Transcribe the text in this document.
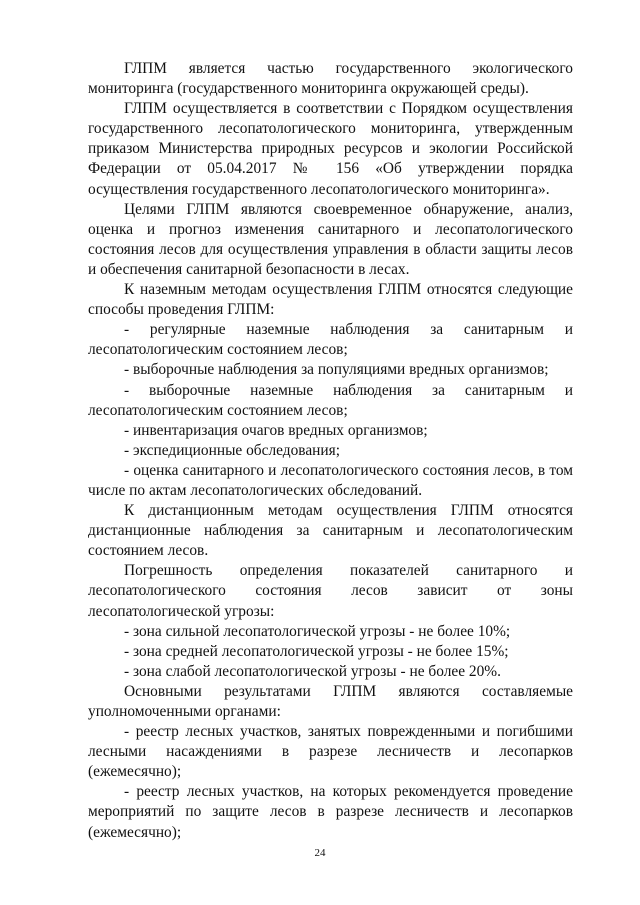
ГЛПМ является частью государственного экологического мониторинга (государственного мониторинга окружающей среды).

ГЛПМ осуществляется в соответствии с Порядком осуществления государственного лесопатологического мониторинга, утвержденным приказом Министерства природных ресурсов и экологии Российской Федерации от 05.04.2017 № 156 «Об утверждении порядка осуществления государственного лесопатологического мониторинга».

Целями ГЛПМ являются своевременное обнаружение, анализ, оценка и прогноз изменения санитарного и лесопатологического состояния лесов для осуществления управления в области защиты лесов и обеспечения санитарной безопасности в лесах.

К наземным методам осуществления ГЛПМ относятся следующие способы проведения ГЛПМ:

- регулярные наземные наблюдения за санитарным и лесопатологическим состоянием лесов;

- выборочные наблюдения за популяциями вредных организмов;

- выборочные наземные наблюдения за санитарным и лесопатологическим состоянием лесов;

- инвентаризация очагов вредных организмов;

- экспедиционные обследования;

- оценка санитарного и лесопатологического состояния лесов, в том числе по актам лесопатологических обследований.

К дистанционным методам осуществления ГЛПМ относятся дистанционные наблюдения за санитарным и лесопатологическим состоянием лесов.

Погрешность определения показателей санитарного и лесопатологического состояния лесов зависит от зоны лесопатологической угрозы:

- зона сильной лесопатологической угрозы - не более 10%;

- зона средней лесопатологической угрозы - не более 15%;

- зона слабой лесопатологической угрозы - не более 20%.

Основными результатами ГЛПМ являются составляемые уполномоченными органами:

- реестр лесных участков, занятых поврежденными и погибшими лесными насаждениями в разрезе лесничеств и лесопарков (ежемесячно);

- реестр лесных участков, на которых рекомендуется проведение мероприятий по защите лесов в разрезе лесничеств и лесопарков (ежемесячно);

24
